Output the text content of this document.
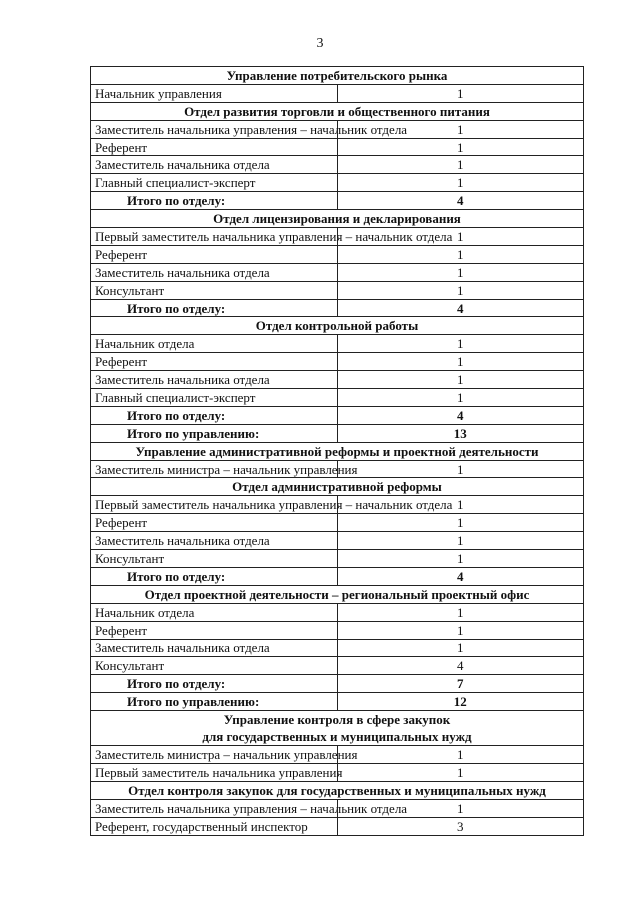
3
Управление потребительского рынка	
Начальник управления	1
Отдел развития торговли и общественного питания	
Заместитель начальника управления – начальник отдела	1
Референт	1
Заместитель начальника отдела	1
Главный специалист-эксперт	1
Итого по отделу:	4
Отдел лицензирования и декларирования	
Первый заместитель начальника управления – начальник отдела	1
Референт	1
Заместитель начальника отдела	1
Консультант	1
Итого по отделу:	4
Отдел контрольной работы	
Начальник отдела	1
Референт	1
Заместитель начальника отдела	1
Главный специалист-эксперт	1
Итого по отделу:	4
Итого по управлению:	13
Управление административной реформы и проектной деятельности	
Заместитель министра – начальник управления	1
Отдел административной реформы	
Первый заместитель начальника управления – начальник отдела	1
Референт	1
Заместитель начальника отдела	1
Консультант	1
Итого по отделу:	4
Отдел проектной деятельности – региональный проектный офис	
Начальник отдела	1
Референт	1
Заместитель начальника отдела	1
Консультант	4
Итого по отделу:	7
Итого по управлению:	12

Управление контроля в сфере закупок
для государственных и муниципальных нужд	

Заместитель министра – начальник управления	1
Первый заместитель начальника управления	1
Отдел контроля закупок для государственных и муниципальных нужд	
Заместитель начальника управления – начальник отдела	1
Референт, государственный инспектор	3
